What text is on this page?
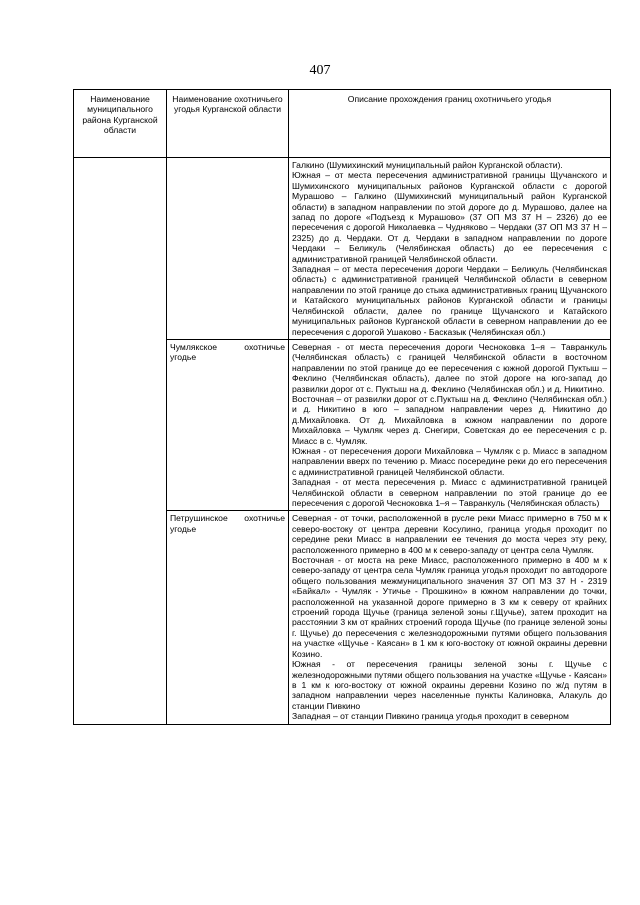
407
Наименование муниципального района Курганской области	Наименование охотничьего угодья Курганской области	Описание прохождения границ охотничьего угодья

		Галкино (Шумихинский муниципальный район Курганской области).

Южная – от места пересечения административной границы Щучанского и Шумихинского муниципальных районов Курганской области с дорогой Мурашово – Галкино (Шумихинский муниципальный район Курганской области) в западном направлении по этой дороге до д. Мурашово, далее на запад по дороге «Подъезд к Мурашово» (37 ОП МЗ 37 Н – 2326) до ее пересечения с дорогой Николаевка – Чудняково – Чердаки (37 ОП МЗ 37 Н – 2325) до д. Чердаки. От д. Чердаки в западном направлении по дороге Чердаки – Беликуль (Челябинская область) до ее пересечения с административной границей Челябинской области.

Западная – от места пересечения дороги Чердаки – Беликуль (Челябинская область) с административной границей Челябинской области в северном направлении по этой границе до стыка административных границ Щучанского и Катайского муниципальных районов Курганской области и границы Челябинской области, далее по границе Щучанского и Катайского муниципальных районов Курганской области в северном направлении до ее пересечения с дорогой Ушаково - Басказык (Челябинская обл.)

	Чумлякское охотничье угодье	Северная - от места пересечения дороги Чесноковка 1–я – Тавранкуль (Челябинская область) с границей Челябинской области в восточном направлении по этой границе до ее пересечения с южной дорогой Пуктыш – Феклино (Челябинская область), далее по этой дороге на юго-запад до развилки дорог от с. Пуктыш на д. Феклино (Челябинская обл.) и д. Никитино.

Восточная – от развилки дорог от с.Пуктыш на д. Феклино (Челябинская обл.) и д. Никитино в юго – западном направлении через д. Никитино до д.Михайловка. От д. Михайловка в южном направлении по дороге Михайловка – Чумляк через д. Снегири, Советская до ее пересечения с р. Миасс в с. Чумляк.

Южная - от пересечения дороги Михайловка – Чумляк с р. Миасс в западном направлении вверх по течению р. Миасс посередине реки до его пересечения с административной границей Челябинской области.

Западная - от места пересечения р. Миасс с административной границей Челябинской области в северном направлении по этой границе до ее пересечения с дорогой Чесноковка 1–я – Тавранкуль (Челябинская область)

	Петрушинское охотничье угодье	Северная - от точки, расположенной в русле реки Миасс примерно в 750 м к северо-востоку от центра деревни Косулино, граница угодья проходит по середине реки Миасс в направлении ее течения до моста через эту реку, расположенного примерно в 400 м к северо-западу от центра села Чумляк.

Восточная - от моста на реке Миасс, расположенного примерно в 400 м к северо-западу от центра села Чумляк граница угодья проходит по автодороге общего пользования межмуниципального значения 37 ОП МЗ 37 Н - 2319 «Байкал» - Чумляк - Утичье - Прошкино» в южном направлении до точки, расположенной на указанной дороге примерно в 3 км к северу от крайних строений города Щучье (граница зеленой зоны г.Щучье), затем проходит на расстоянии 3 км от крайних строений города Щучье (по границе зеленой зоны г. Щучье) до пересечения с железнодорожными путями общего пользования на участке «Щучье - Каясан» в 1 км к юго-востоку от южной окраины деревни Козино.

Южная - от пересечения границы зеленой зоны г. Щучье с железнодорожными путями общего пользования на участке «Щучье - Каясан» в 1 км к юго-востоку от южной окраины деревни Козино по ж/д путям в западном направлении через населенные пункты Калиновка, Алакуль до станции Пивкино

Западная – от станции Пивкино граница угодья проходит в северном
